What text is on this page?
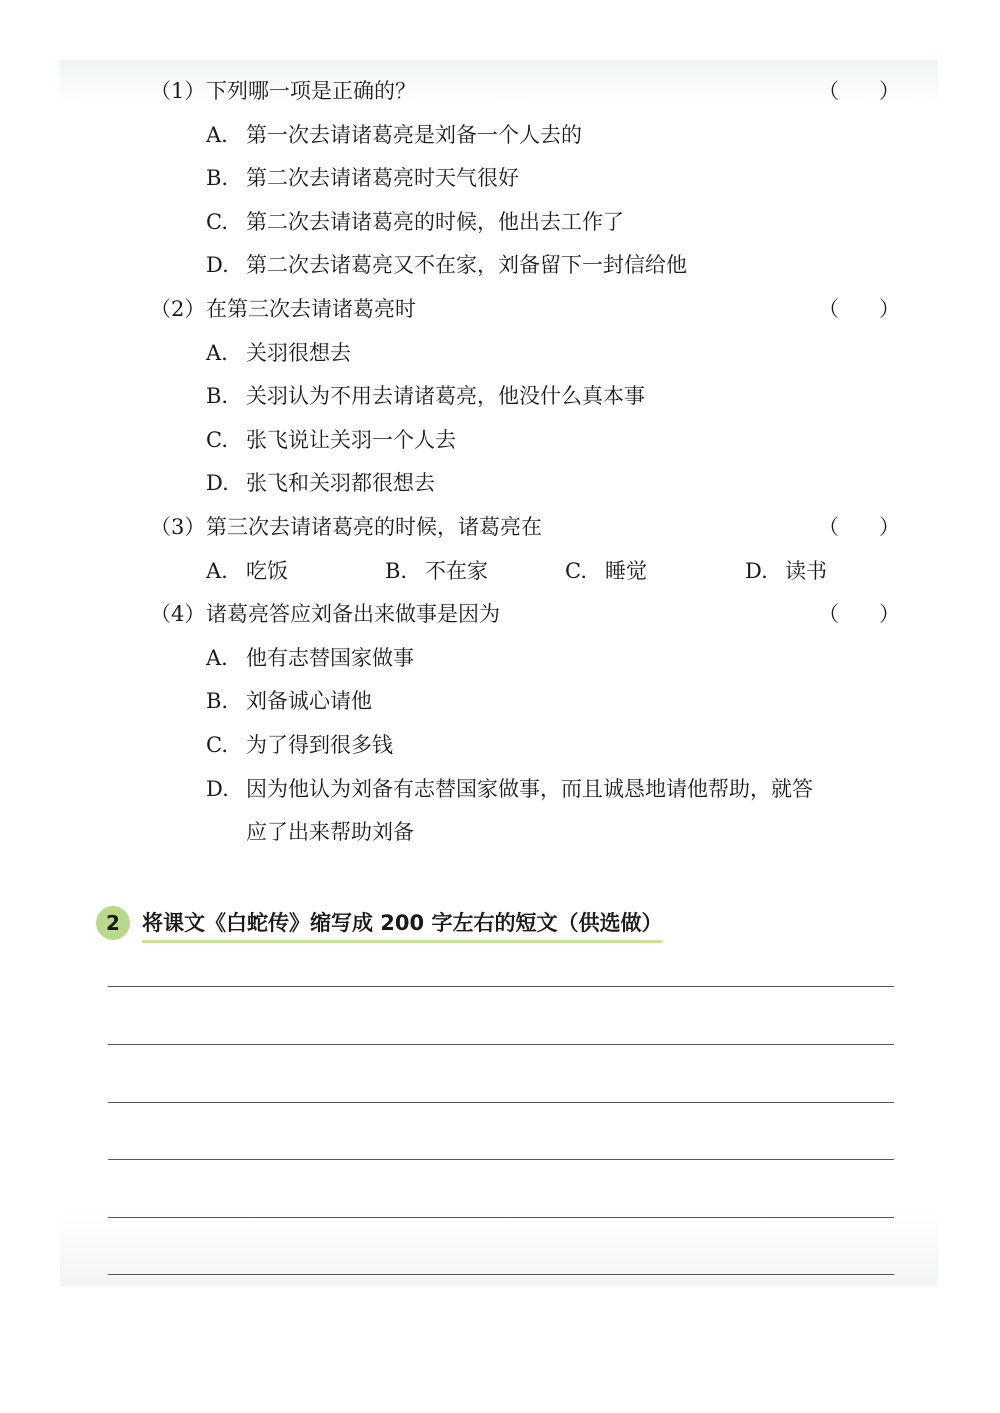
（1）下列哪一项是正确的？	（      ）
A. 第一次去请诸葛亮是刘备一个人去的
B. 第二次去请诸葛亮时天气很好
C. 第二次去请诸葛亮的时候，他出去工作了
D. 第二次去诸葛亮又不在家，刘备留下一封信给他
（2）在第三次去请诸葛亮时	（      ）
A. 关羽很想去
B. 关羽认为不用去请诸葛亮，他没什么真本事
C. 张飞说让关羽一个人去
D. 张飞和关羽都很想去
（3）第三次去请诸葛亮的时候，诸葛亮在	（      ）
A. 吃饭	B. 不在家	C. 睡觉	D. 读书
（4）诸葛亮答应刘备出来做事是因为	（      ）
A. 他有志替国家做事
B. 刘备诚心请他
C. 为了得到很多钱
D. 因为他认为刘备有志替国家做事，而且诚恳地请他帮助，就答
应了出来帮助刘备
2	将课文《白蛇传》缩写成 200 字左右的短文（供选做）
